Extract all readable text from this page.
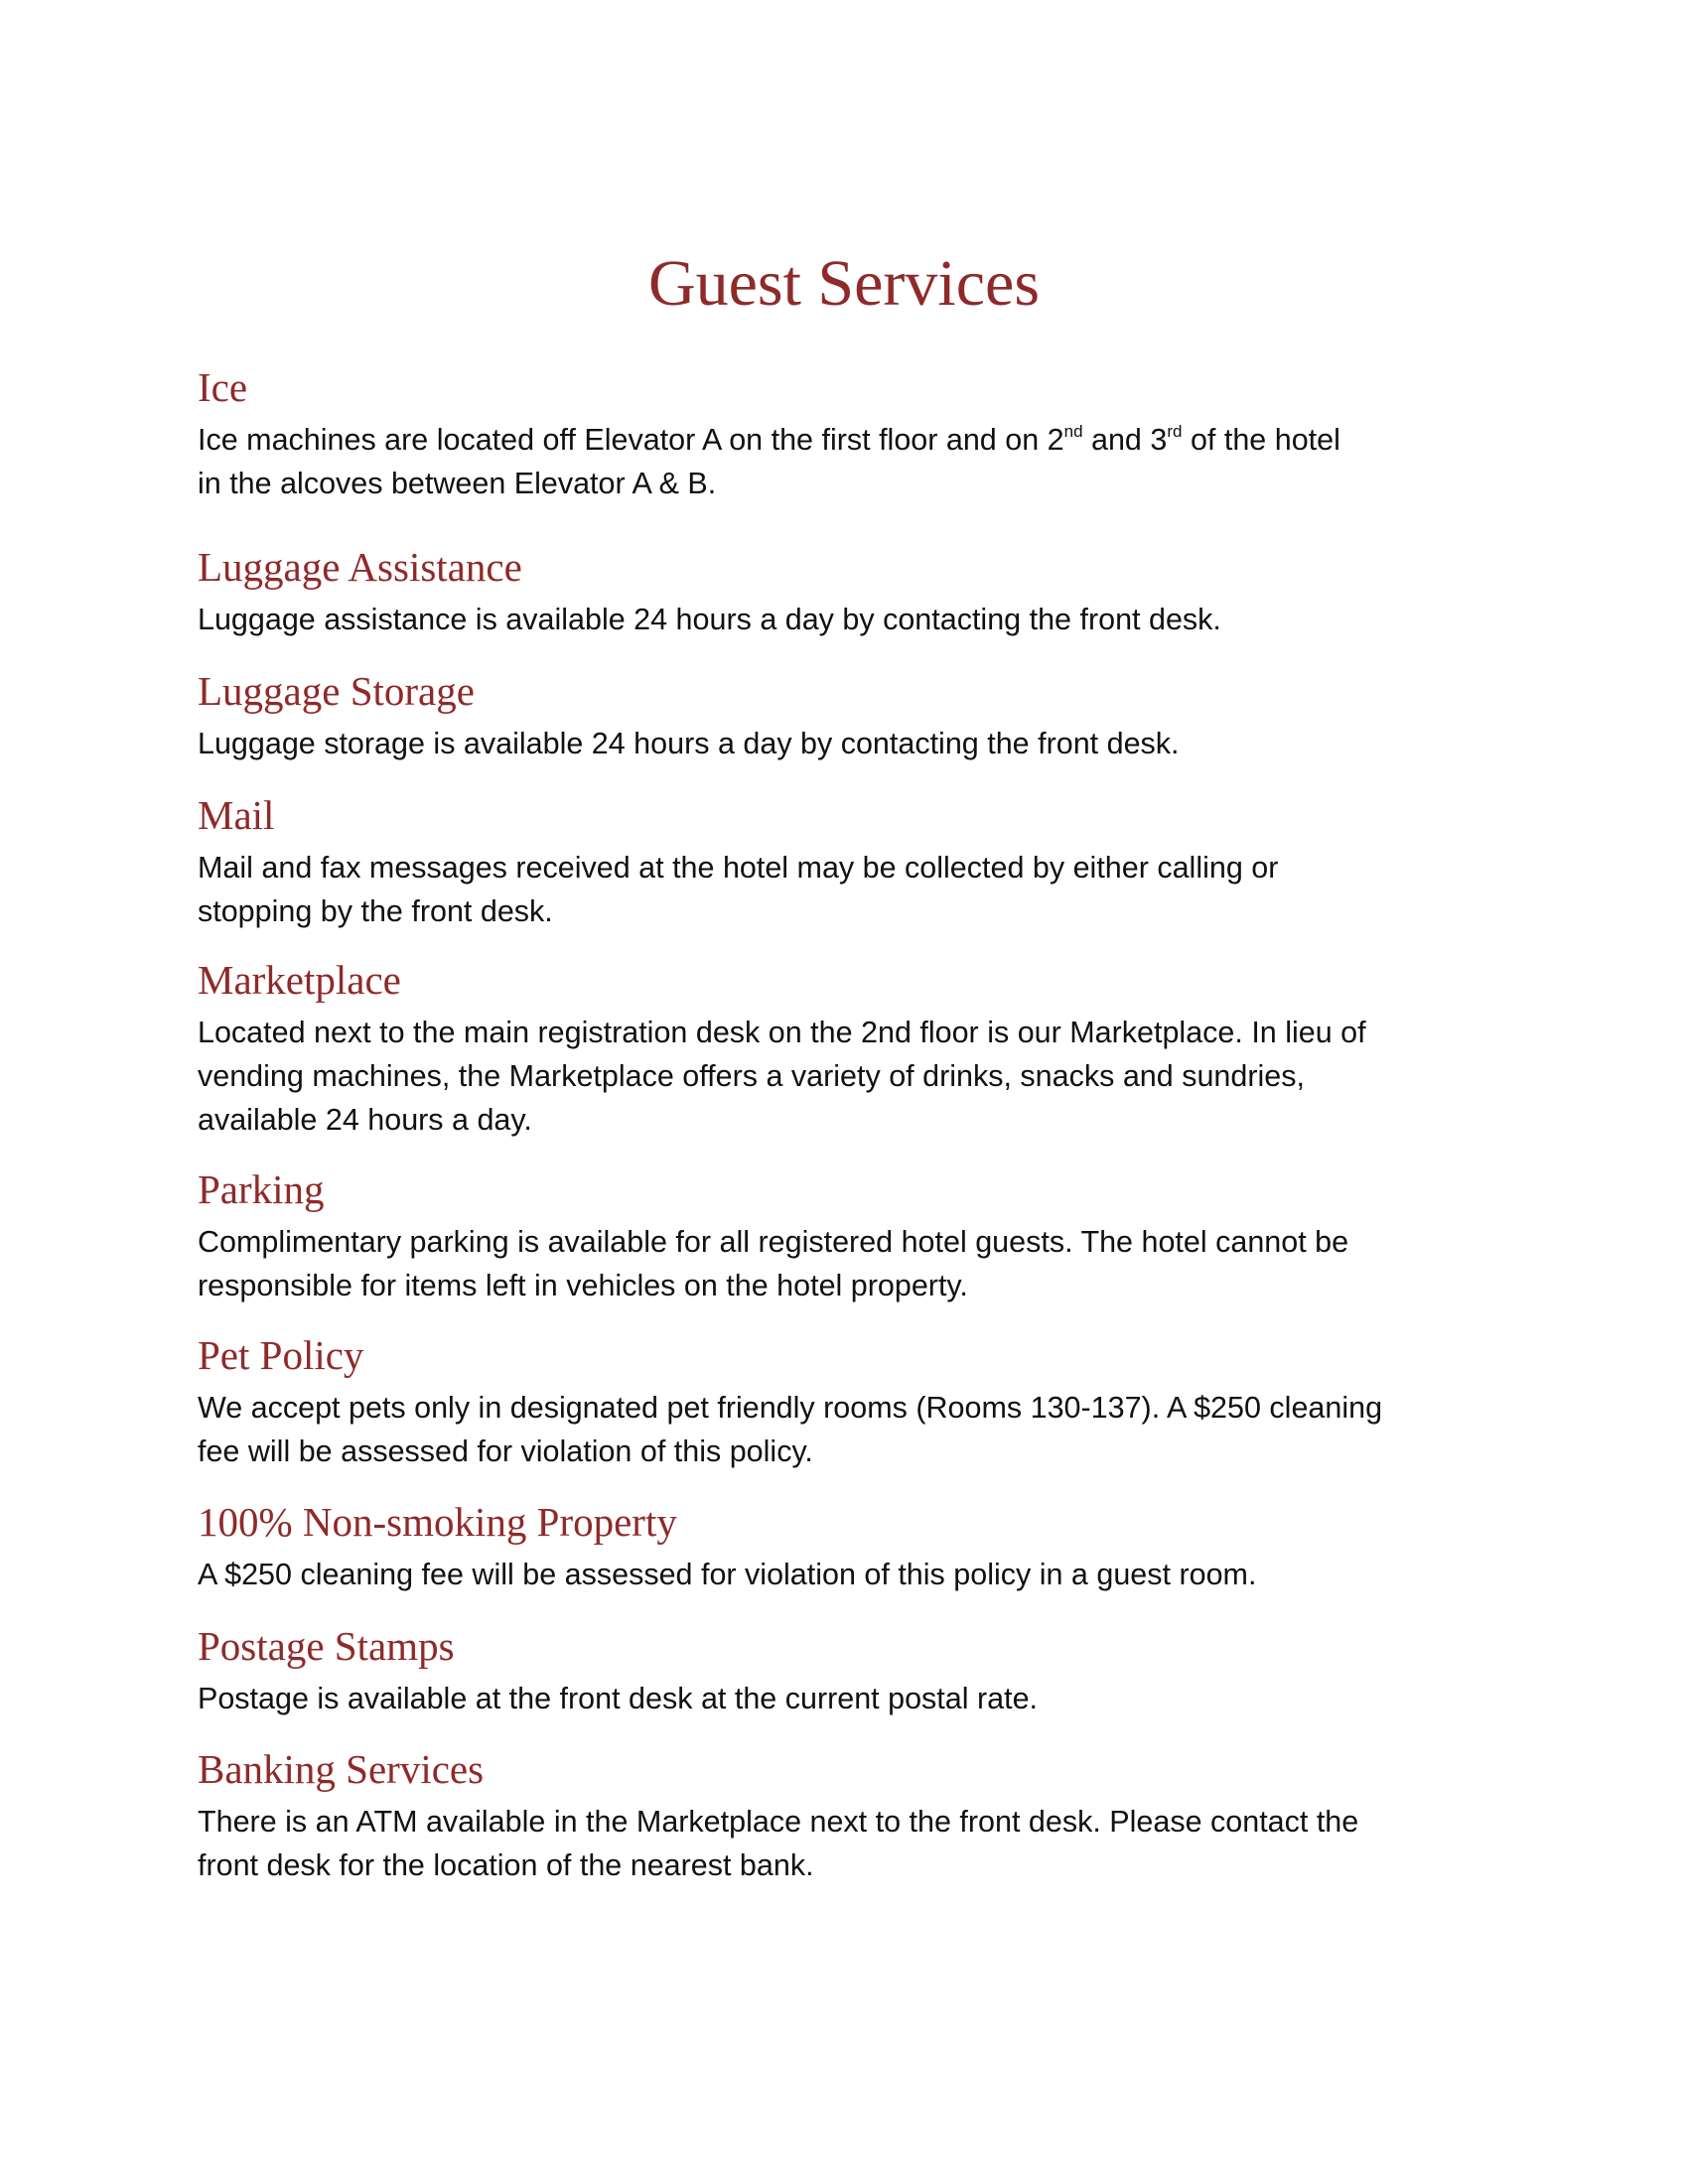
Guest Services
Ice

Ice machines are located off Elevator A on the first floor and on 2nd and 3rd of the hotel
in the alcoves between Elevator A & B.

Luggage Assistance

Luggage assistance is available 24 hours a day by contacting the front desk.

Luggage Storage

Luggage storage is available 24 hours a day by contacting the front desk.

Mail

Mail and fax messages received at the hotel may be collected by either calling or
stopping by the front desk.

Marketplace

Located next to the main registration desk on the 2nd floor is our Marketplace. In lieu of
vending machines, the Marketplace offers a variety of drinks, snacks and sundries,
available 24 hours a day.

Parking

Complimentary parking is available for all registered hotel guests. The hotel cannot be
responsible for items left in vehicles on the hotel property.

Pet Policy

We accept pets only in designated pet friendly rooms (Rooms 130-137). A $250 cleaning
fee will be assessed for violation of this policy.

100% Non-smoking Property

A $250 cleaning fee will be assessed for violation of this policy in a guest room.

Postage Stamps

Postage is available at the front desk at the current postal rate.

Banking Services

There is an ATM available in the Marketplace next to the front desk. Please contact the
front desk for the location of the nearest bank.
